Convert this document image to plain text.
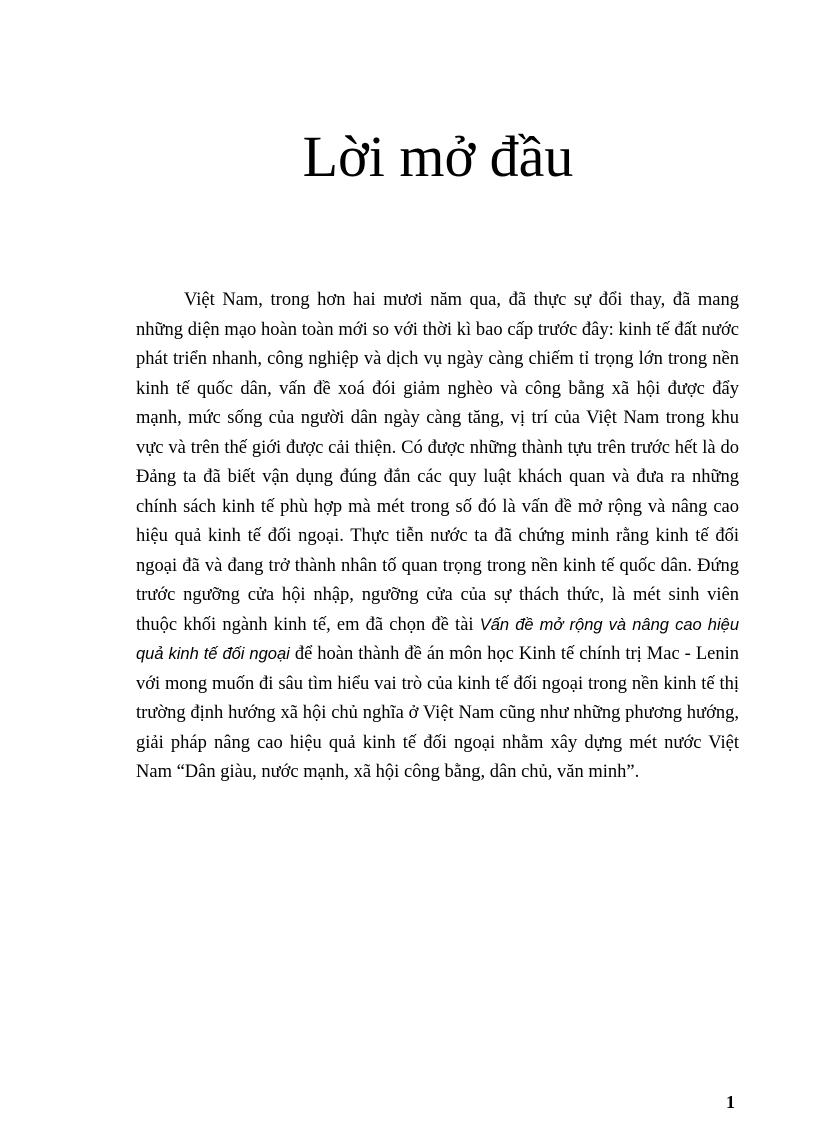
Lời mở đầu

Việt Nam, trong hơn hai mươi năm qua, đã thực sự đổi thay, đã mang những diện mạo hoàn toàn mới so với thời kì bao cấp trước đây: kinh tế đất nước phát triển nhanh, công nghiệp và dịch vụ ngày càng chiếm tỉ trọng lớn trong nền kinh tế quốc dân, vấn đề xoá đói giảm nghèo và công bằng xã hội được đẩy mạnh, mức sống của người dân ngày càng tăng, vị trí của Việt Nam trong khu vực và trên thế giới được cải thiện. Có được những thành tựu trên trước hết là do Đảng ta đã biết vận dụng đúng đắn các quy luật khách quan và đưa ra những chính sách kinh tế phù hợp mà mét trong số đó là vấn đề mở rộng và nâng cao hiệu quả kinh tế đối ngoại. Thực tiễn nước ta đã chứng minh rằng kinh tế đối ngoại đã và đang trở thành nhân tố quan trọng trong nền kinh tế quốc dân. Đứng trước ngưỡng cửa hội nhập, ngưỡng cửa của sự thách thức, là mét sinh viên thuộc khối ngành kinh tế, em đã chọn đề tài Vấn đề mở rộng và nâng cao hiệu quả kinh tế đối ngoại để hoàn thành đề án môn học Kinh tế chính trị Mac - Lenin với mong muốn đi sâu tìm hiểu vai trò của kinh tế đối ngoại trong nền kinh tế thị trường định hướng xã hội chủ nghĩa ở Việt Nam cũng như những phương hướng, giải pháp nâng cao hiệu quả kinh tế đối ngoại nhằm xây dựng mét nước Việt Nam “Dân giàu, nước mạnh, xã hội công bằng, dân chủ, văn minh”.

1
